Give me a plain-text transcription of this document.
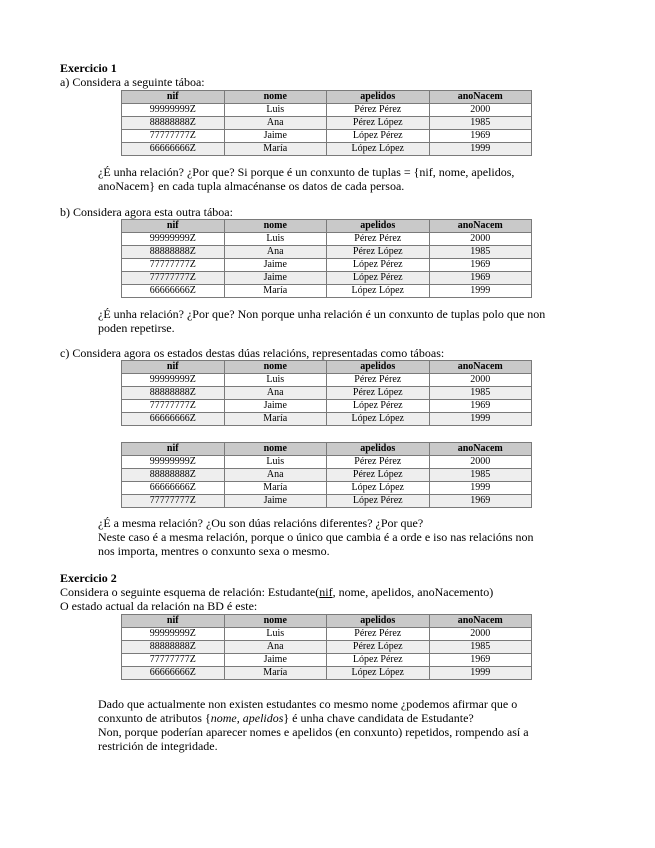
Exercicio 1
a) Considera a seguinte táboa:
nif	nome	apelidos	anoNacem
99999999Z	Luis	Pérez Pérez	2000
88888888Z	Ana	Pérez López	1985
77777777Z	Jaime	López Pérez	1969
66666666Z	María	López López	1999
¿É unha relación? ¿Por que? Si porque é un conxunto de tuplas = {nif, nome, apelidos,
anoNacem} en cada tupla almacénanse os datos de cada persoa.
b) Considera agora esta outra táboa:
nif	nome	apelidos	anoNacem
99999999Z	Luis	Pérez Pérez	2000
88888888Z	Ana	Pérez López	1985
77777777Z	Jaime	López Pérez	1969
77777777Z	Jaime	López Pérez	1969
66666666Z	María	López López	1999
¿É unha relación? ¿Por que? Non porque unha relación é un conxunto de tuplas polo que non
poden repetirse.
c) Considera agora os estados destas dúas relacións, representadas como táboas:
nif	nome	apelidos	anoNacem
99999999Z	Luis	Pérez Pérez	2000
88888888Z	Ana	Pérez López	1985
77777777Z	Jaime	López Pérez	1969
66666666Z	María	López López	1999
nif	nome	apelidos	anoNacem
99999999Z	Luis	Pérez Pérez	2000
88888888Z	Ana	Pérez López	1985
66666666Z	María	López López	1999
77777777Z	Jaime	López Pérez	1969
¿É a mesma relación? ¿Ou son dúas relacións diferentes? ¿Por que?
Neste caso é a mesma relación, porque o único que cambia é a orde e iso nas relacións non
nos importa, mentres o conxunto sexa o mesmo.
Exercicio 2
Considera o seguinte esquema de relación: Estudante(nif, nome, apelidos, anoNacemento)
O estado actual da relación na BD é este:
nif	nome	apelidos	anoNacem
99999999Z	Luis	Pérez Pérez	2000
88888888Z	Ana	Pérez López	1985
77777777Z	Jaime	López Pérez	1969
66666666Z	María	López López	1999
Dado que actualmente non existen estudantes co mesmo nome ¿podemos afirmar que o
conxunto de atributos {nome, apelidos} é unha chave candidata de Estudante?
Non, porque poderían aparecer nomes e apelidos (en conxunto) repetidos, rompendo así a
restrición de integridade.
